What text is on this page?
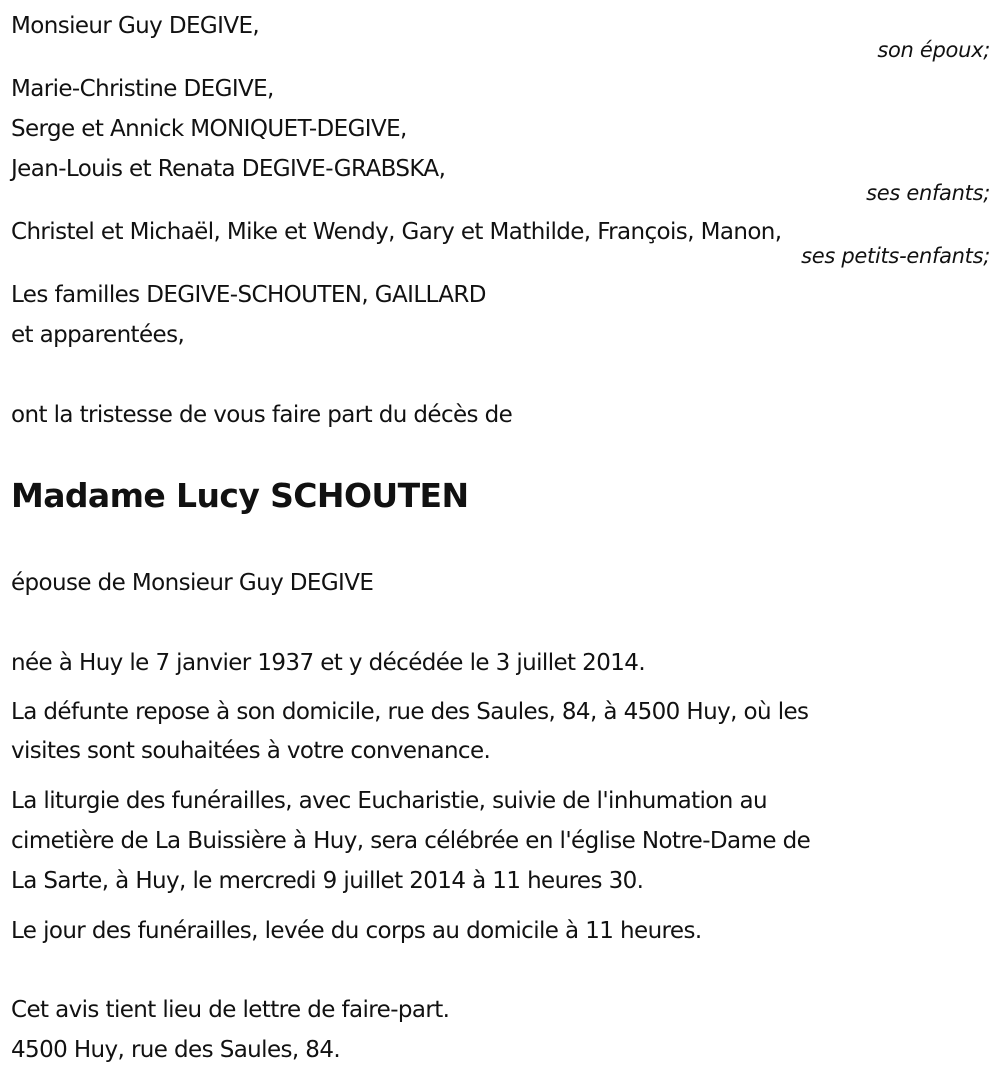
Monsieur Guy DEGIVE,
son époux;
Marie-Christine DEGIVE,
Serge et Annick MONIQUET-DEGIVE,
Jean-Louis et Renata DEGIVE-GRABSKA,
ses enfants;
Christel et Michaël, Mike et Wendy, Gary et Mathilde, François, Manon,
ses petits-enfants;
Les familles DEGIVE-SCHOUTEN, GAILLARD
et apparentées,
ont la tristesse de vous faire part du décès de
Madame Lucy SCHOUTEN
épouse de Monsieur Guy DEGIVE
née à Huy le 7 janvier 1937 et y décédée le 3 juillet 2014.
La défunte repose à son domicile, rue des Saules, 84, à 4500 Huy, où les
visites sont souhaitées à votre convenance.
La liturgie des funérailles, avec Eucharistie, suivie de l'inhumation au
cimetière de La Buissière à Huy, sera célébrée en l'église Notre-Dame de
La Sarte, à Huy, le mercredi 9 juillet 2014 à 11 heures 30.
Le jour des funérailles, levée du corps au domicile à 11 heures.
Cet avis tient lieu de lettre de faire-part.
4500 Huy, rue des Saules, 84.
